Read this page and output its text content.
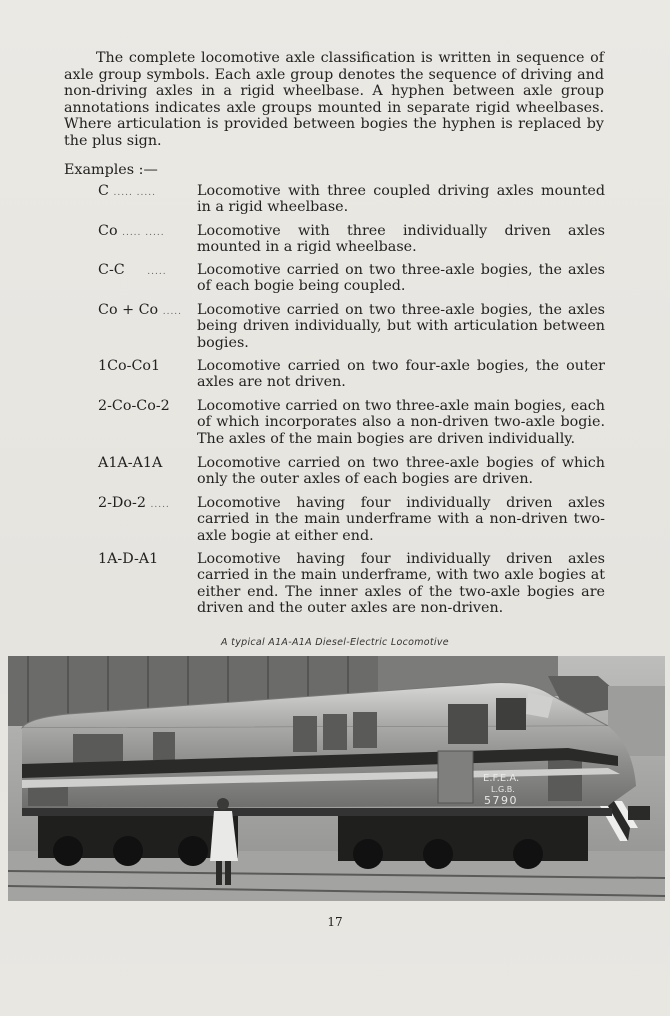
The complete locomotive axle classification is written in sequence of axle group symbols. Each axle group denotes the sequence of driving and non-driving axles in a rigid wheelbase. A hyphen between axle group annotations indicates axle groups mounted in separate rigid wheelbases. Where articulation is provided between bogies the hyphen is replaced by the plus sign.

Examples :—

C ..... .....	Locomotive with three coupled driving axles mounted in a rigid wheelbase.
Co ..... .....	Locomotive with three individually driven axles mounted in a rigid wheelbase.
C-C	.....	Locomotive carried on two three-axle bogies, the axles of each bogie being coupled.
Co + Co .....	Locomotive carried on two three-axle bogies, the axles being driven individually, but with articulation between bogies.
1Co-Co1	Locomotive carried on two four-axle bogies, the outer axles are not driven.
2-Co-Co-2	Locomotive carried on two three-axle main bogies, each of which incorporates also a non-driven two-axle bogie. The axles of the main bogies are driven individually.
A1A-A1A	Locomotive carried on two three-axle bogies of which only the outer axles of each bogies are driven.
2-Do-2 .....	Locomotive having four individually driven axles carried in the main underframe with a non-driven two-axle bogie at either end.
1A-D-A1	Locomotive having four individually driven axles carried in the main underframe, with two axle bogies at either end. The inner axles of the two-axle bogies are driven and the outer axles are non-driven.
A typical A1A-A1A Diesel-Electric Locomotive
E.F.E.A.
L.G.B.
5790
17
